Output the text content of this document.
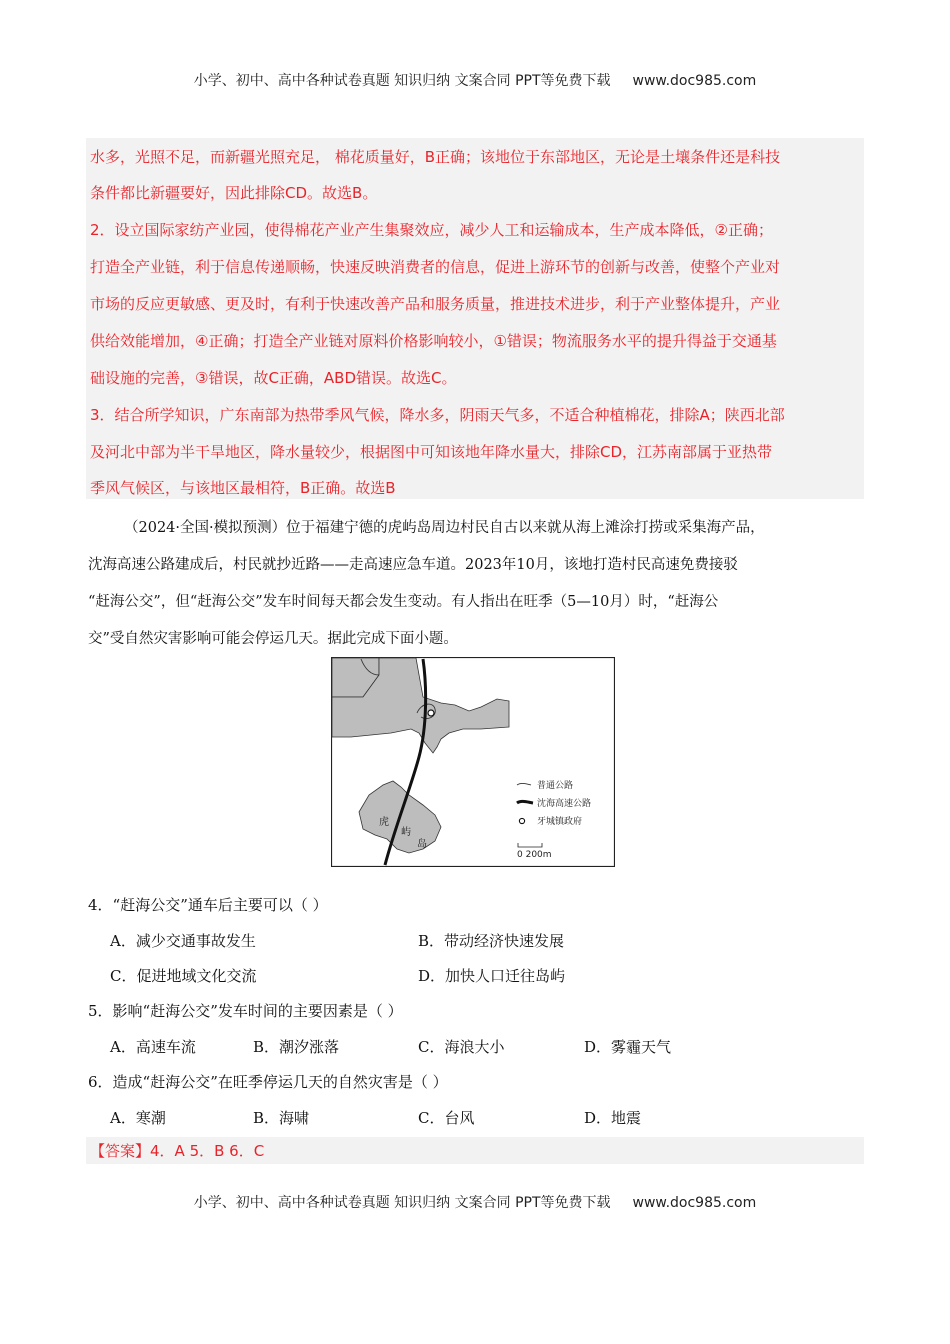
小学、初中、高中各种试卷真题 知识归纳 文案合同 PPT等免费下载 www.doc985.com
水多，光照不足，而新疆光照充足， 棉花质量好，B正确；该地位于东部地区，无论是土壤条件还是科技
条件都比新疆要好，因此排除CD。故选B。
2．设立国际家纺产业园，使得棉花产业产生集聚效应，减少人工和运输成本，生产成本降低，②正确；
打造全产业链，利于信息传递顺畅，快速反映消费者的信息，促进上游环节的创新与改善，使整个产业对
市场的反应更敏感、更及时，有利于快速改善产品和服务质量，推进技术进步，利于产业整体提升，产业
供给效能增加，④正确；打造全产业链对原料价格影响较小，①错误；物流服务水平的提升得益于交通基
础设施的完善，③错误，故C正确，ABD错误。故选C。
3．结合所学知识，广东南部为热带季风气候，降水多，阴雨天气多，不适合种植棉花，排除A；陕西北部
及河北中部为半干旱地区，降水量较少，根据图中可知该地年降水量大，排除CD，江苏南部属于亚热带
季风气候区，与该地区最相符，B正确。故选B
（2024·全国·模拟预测）位于福建宁德的虎屿岛周边村民自古以来就从海上滩涂打捞或采集海产品，
沈海高速公路建成后，村民就抄近路——走高速应急车道。2023年10月，该地打造村民高速免费接驳
“赶海公交”，但“赶海公交”发车时间每天都会发生变动。有人指出在旺季（5—10月）时，“赶海公
交”受自然灾害影响可能会停运几天。据此完成下面小题。
虎
屿
岛
普通公路
沈海高速公路
牙城镇政府
0 200m
4．“赶海公交”通车后主要可以（ ）
A．减少交通事故发生	B．带动经济快速发展
C．促进地域文化交流	D．加快人口迁往岛屿
5．影响“赶海公交”发车时间的主要因素是（ ）
A．高速车流	B．潮汐涨落	C．海浪大小	D．雾霾天气
6．造成“赶海公交”在旺季停运几天的自然灾害是（ ）
A．寒潮	B．海啸	C．台风	D．地震
【答案】4．A 5．B 6．C
小学、初中、高中各种试卷真题 知识归纳 文案合同 PPT等免费下载 www.doc985.com
